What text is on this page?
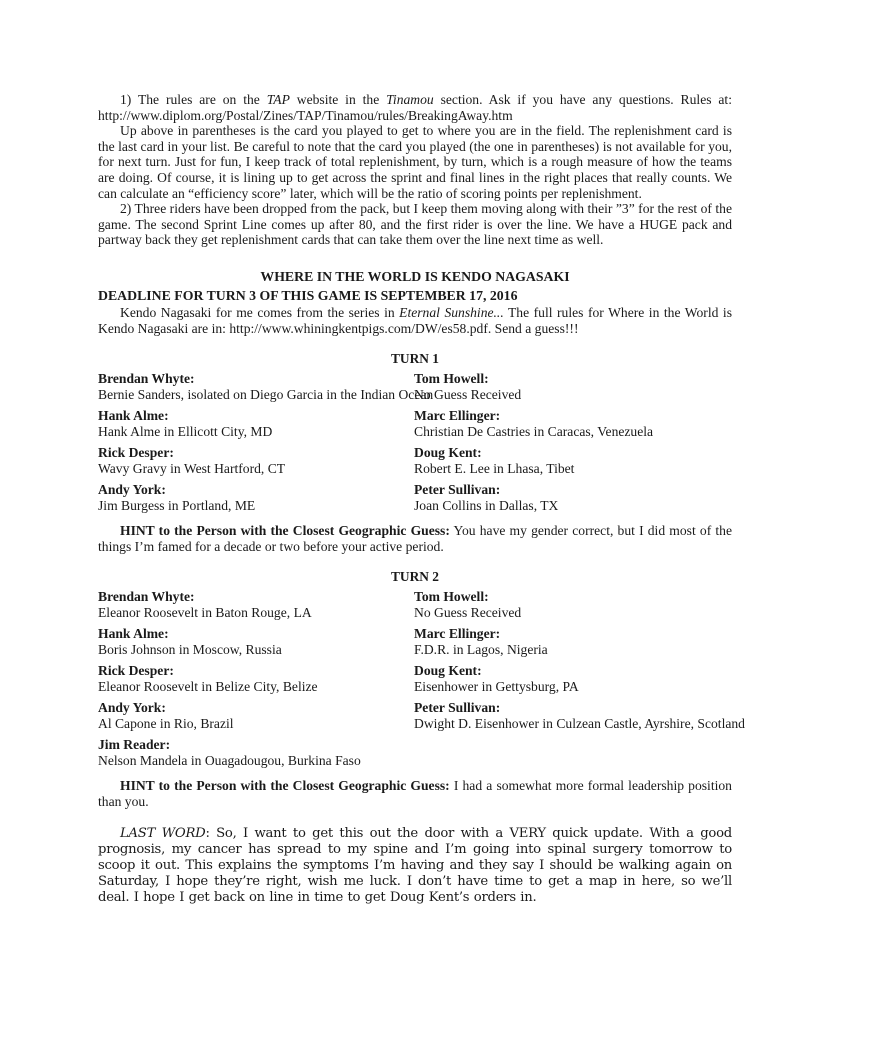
1) The rules are on the TAP website in the Tinamou section. Ask if you have any questions. Rules at: http://www.diplom.org/Postal/Zines/TAP/Tinamou/rules/BreakingAway.htm

Up above in parentheses is the card you played to get to where you are in the field. The replenishment card is the last card in your list. Be careful to note that the card you played (the one in parentheses) is not available for you, for next turn. Just for fun, I keep track of total replenishment, by turn, which is a rough measure of how the teams are doing. Of course, it is lining up to get across the sprint and final lines in the right places that really counts. We can calculate an “efficiency score” later, which will be the ratio of scoring points per replenishment.

2) Three riders have been dropped from the pack, but I keep them moving along with their ”3” for the rest of the game. The second Sprint Line comes up after 80, and the first rider is over the line. We have a HUGE pack and partway back they get replenishment cards that can take them over the line next time as well.

WHERE IN THE WORLD IS KENDO NAGASAKI
DEADLINE FOR TURN 3 OF THIS GAME IS SEPTEMBER 17, 2016

Kendo Nagasaki for me comes from the series in Eternal Sunshine... The full rules for Where in the World is Kendo Nagasaki are in: http://www.whiningkentpigs.com/DW/es58.pdf. Send a guess!!!

TURN 1
Brendan Whyte:
Bernie Sanders, isolated on Diego Garcia in the Indian Ocean
Tom Howell:
No Guess Received
Hank Alme:
Hank Alme in Ellicott City, MD
Marc Ellinger:
Christian De Castries in Caracas, Venezuela
Rick Desper:
Wavy Gravy in West Hartford, CT
Doug Kent:
Robert E. Lee in Lhasa, Tibet
Andy York:
Jim Burgess in Portland, ME
Peter Sullivan:
Joan Collins in Dallas, TX

HINT to the Person with the Closest Geographic Guess: You have my gender correct, but I did most of the things I’m famed for a decade or two before your active period.

TURN 2
Brendan Whyte:
Eleanor Roosevelt in Baton Rouge, LA
Tom Howell:
No Guess Received
Hank Alme:
Boris Johnson in Moscow, Russia
Marc Ellinger:
F.D.R. in Lagos, Nigeria
Rick Desper:
Eleanor Roosevelt in Belize City, Belize
Doug Kent:
Eisenhower in Gettysburg, PA
Andy York:
Al Capone in Rio, Brazil
Peter Sullivan:
Dwight D. Eisenhower in Culzean Castle, Ayrshire, Scotland
Jim Reader:
Nelson Mandela in Ouagadougou, Burkina Faso

HINT to the Person with the Closest Geographic Guess: I had a somewhat more formal leadership position than you.

LAST WORD: So, I want to get this out the door with a VERY quick update. With a good prognosis, my cancer has spread to my spine and I’m going into spinal surgery tomorrow to scoop it out. This explains the symptoms I’m having and they say I should be walking again on Saturday, I hope they’re right, wish me luck. I don’t have time to get a map in here, so we’ll deal. I hope I get back on line in time to get Doug Kent’s orders in.
